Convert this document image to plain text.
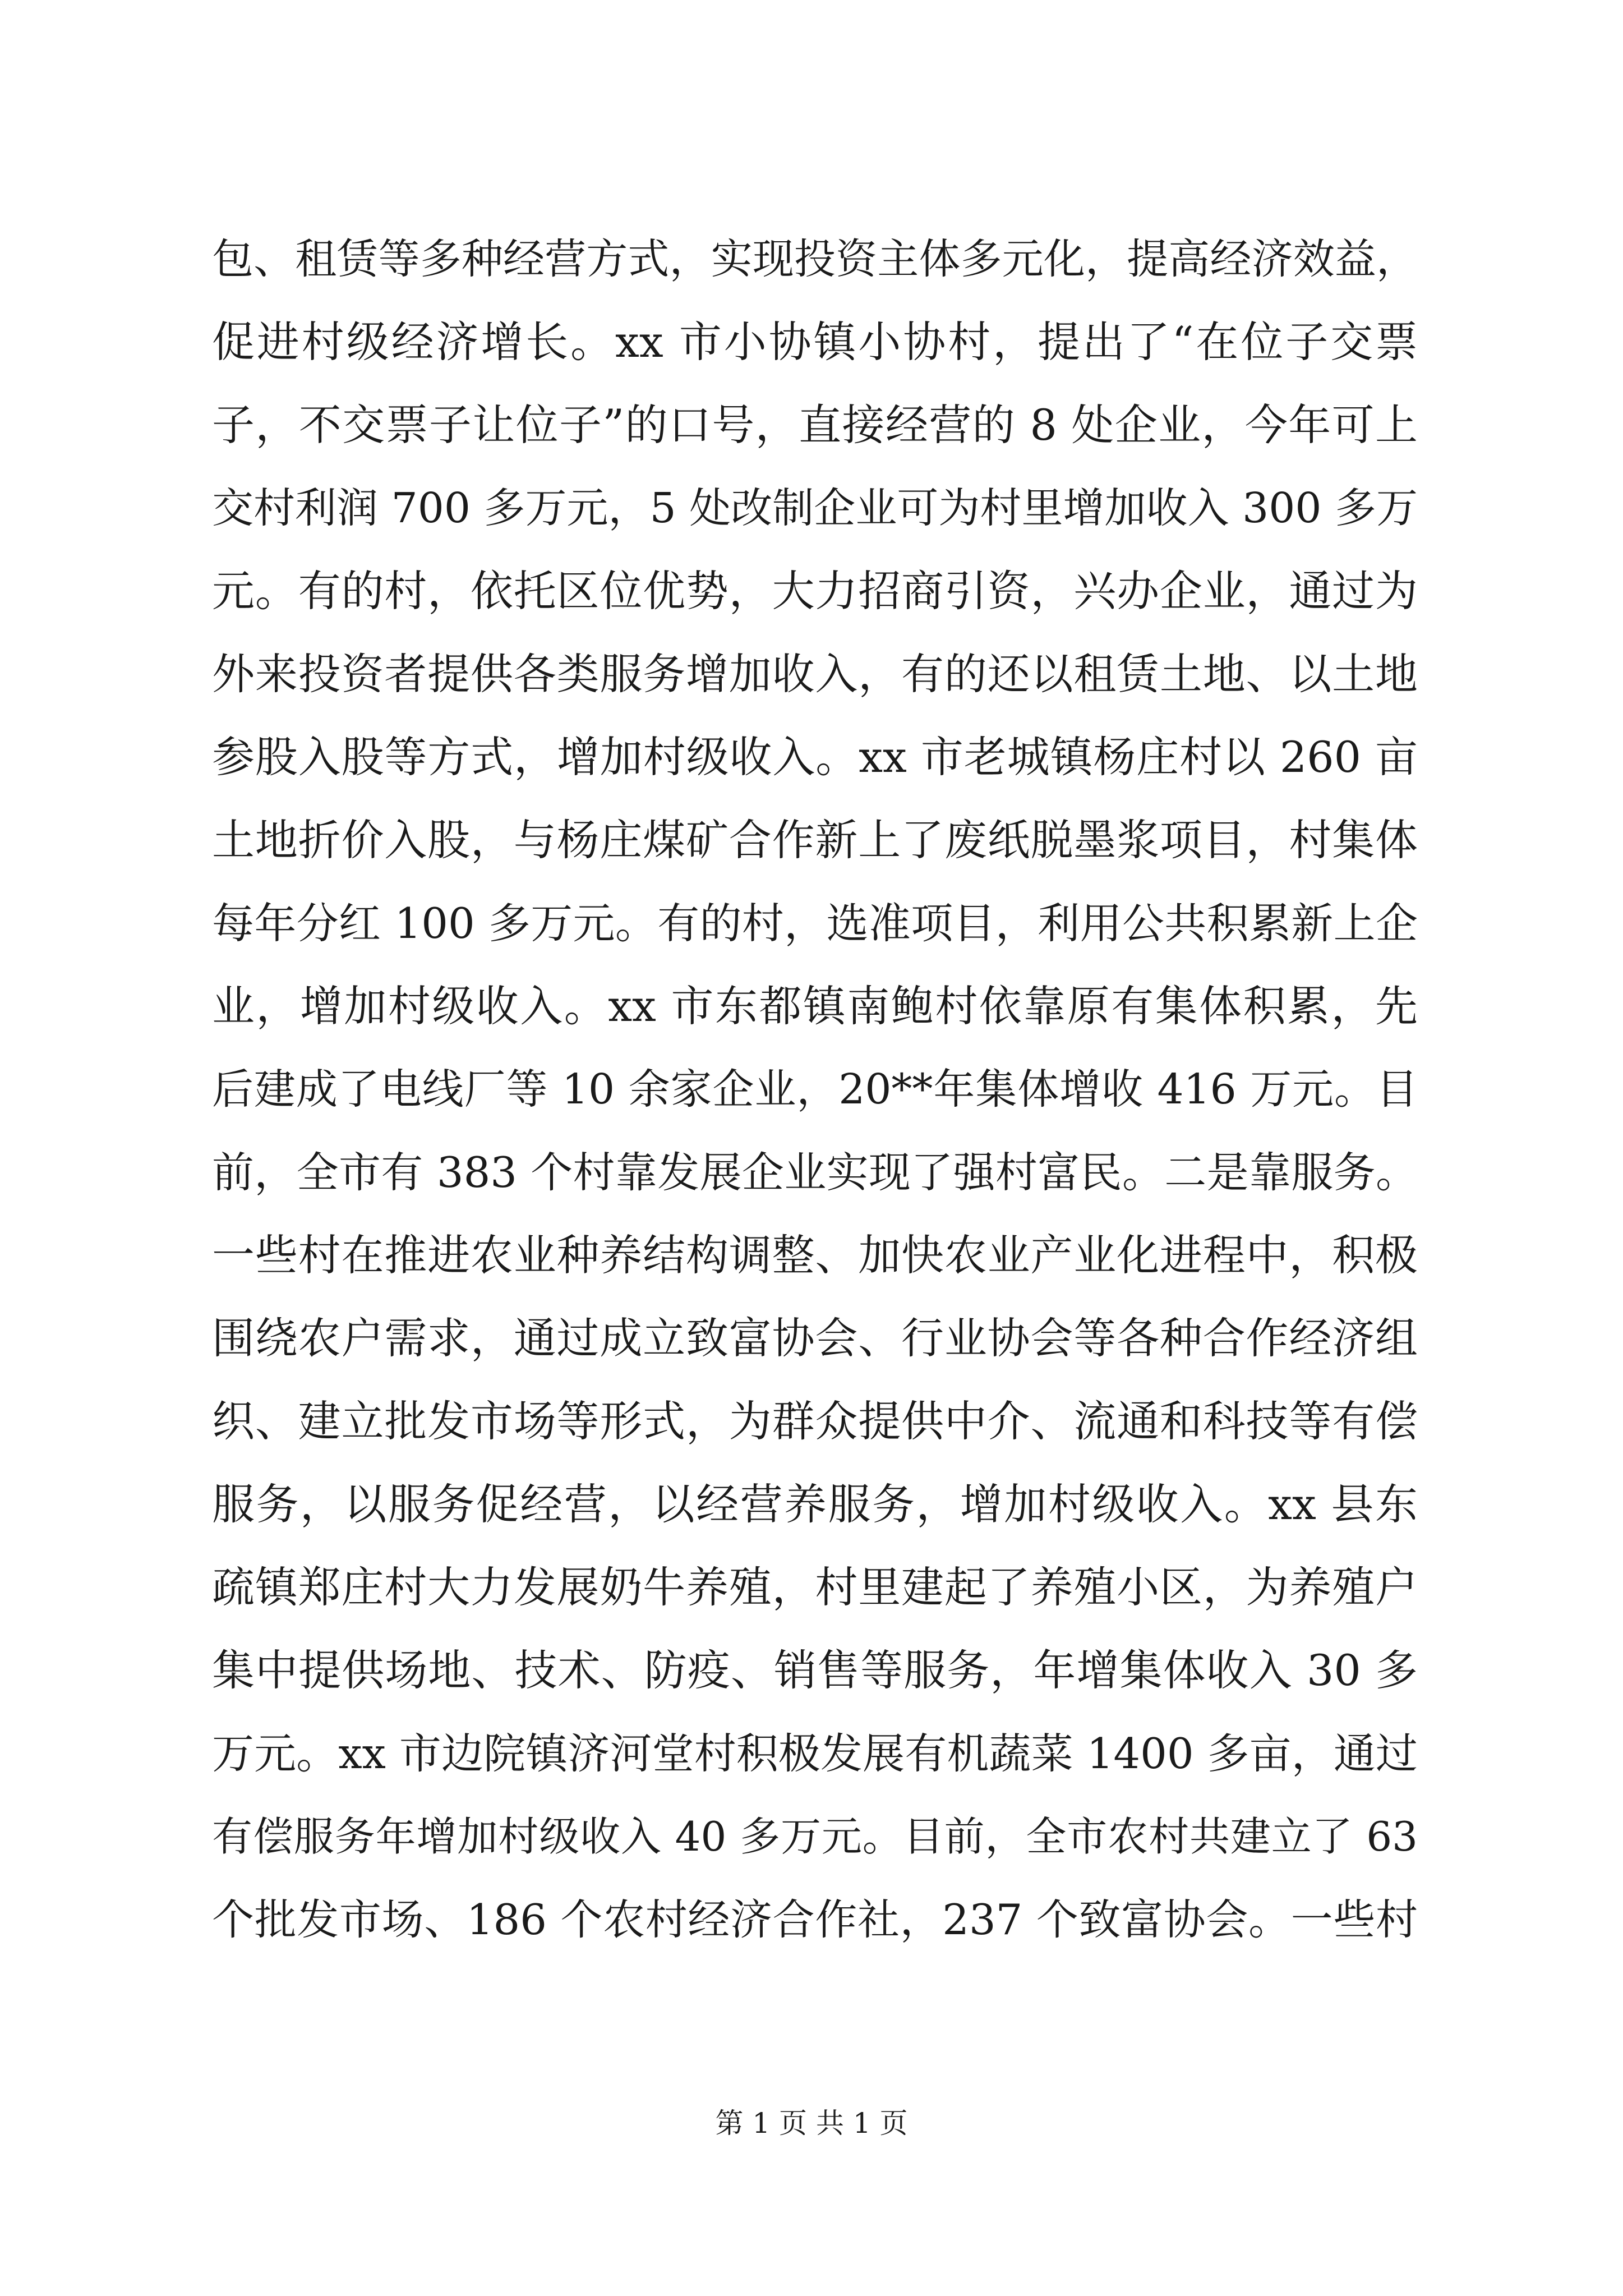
包、租赁等多种经营方式，实现投资主体多元化，提高经济效益，
促进村级经济增长。xx 市小协镇小协村，提出了“在位子交票
子，不交票子让位子”的口号，直接经营的 8 处企业，今年可上
交村利润 700 多万元，5 处改制企业可为村里增加收入 300 多万
元。有的村，依托区位优势，大力招商引资，兴办企业，通过为
外来投资者提供各类服务增加收入，有的还以租赁土地、以土地
参股入股等方式，增加村级收入。xx 市老城镇杨庄村以 260 亩
土地折价入股，与杨庄煤矿合作新上了废纸脱墨浆项目，村集体
每年分红 100 多万元。有的村，选准项目，利用公共积累新上企
业，增加村级收入。xx 市东都镇南鲍村依靠原有集体积累，先
后建成了电线厂等 10 余家企业，20**年集体增收 416 万元。目
前，全市有 383 个村靠发展企业实现了强村富民。二是靠服务。
一些村在推进农业种养结构调整、加快农业产业化进程中，积极
围绕农户需求，通过成立致富协会、行业协会等各种合作经济组
织、建立批发市场等形式，为群众提供中介、流通和科技等有偿
服务，以服务促经营，以经营养服务，增加村级收入。xx 县东
疏镇郑庄村大力发展奶牛养殖，村里建起了养殖小区，为养殖户
集中提供场地、技术、防疫、销售等服务，年增集体收入 30 多
万元。xx 市边院镇济河堂村积极发展有机蔬菜 1400 多亩，通过
有偿服务年增加村级收入 40 多万元。目前，全市农村共建立了 63
个批发市场、186 个农村经济合作社，237 个致富协会。一些村
第 1 页 共 1 页
